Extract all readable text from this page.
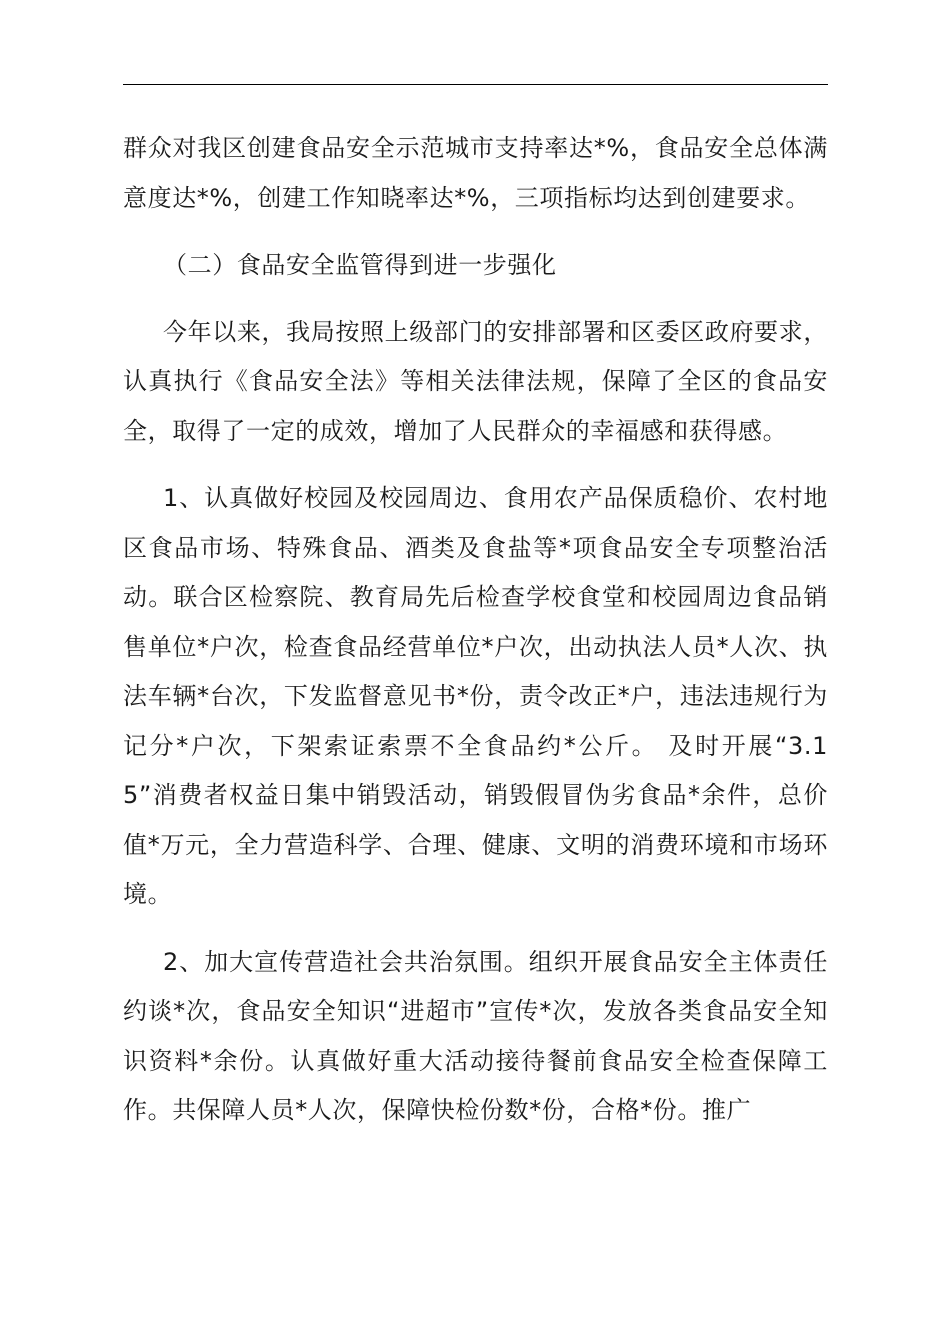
群众对我区创建食品安全示范城市支持率达*%，食品安全总体满意度达*%，创建工作知晓率达*%，三项指标均达到创建要求。

（二）食品安全监管得到进一步强化

今年以来，我局按照上级部门的安排部署和区委区政府要求，认真执行《食品安全法》等相关法律法规，保障了全区的食品安全，取得了一定的成效，增加了人民群众的幸福感和获得感。

1、认真做好校园及校园周边、食用农产品保质稳价、农村地区食品市场、特殊食品、酒类及食盐等*项食品安全专项整治活动。联合区检察院、教育局先后检查学校食堂和校园周边食品销售单位*户次，检查食品经营单位*户次，出动执法人员*人次、执法车辆*台次，下发监督意见书*份，责令改正*户，违法违规行为记分*户次，下架索证索票不全食品约*公斤。 及时开展“3.15”消费者权益日集中销毁活动，销毁假冒伪劣食品*余件，总价值*万元，全力营造科学、合理、健康、文明的消费环境和市场环境。

2、加大宣传营造社会共治氛围。组织开展食品安全主体责任约谈*次，食品安全知识“进超市”宣传*次，发放各类食品安全知识资料*余份。认真做好重大活动接待餐前食品安全检查保障工作。共保障人员*人次，保障快检份数*份，合格*份。推广
